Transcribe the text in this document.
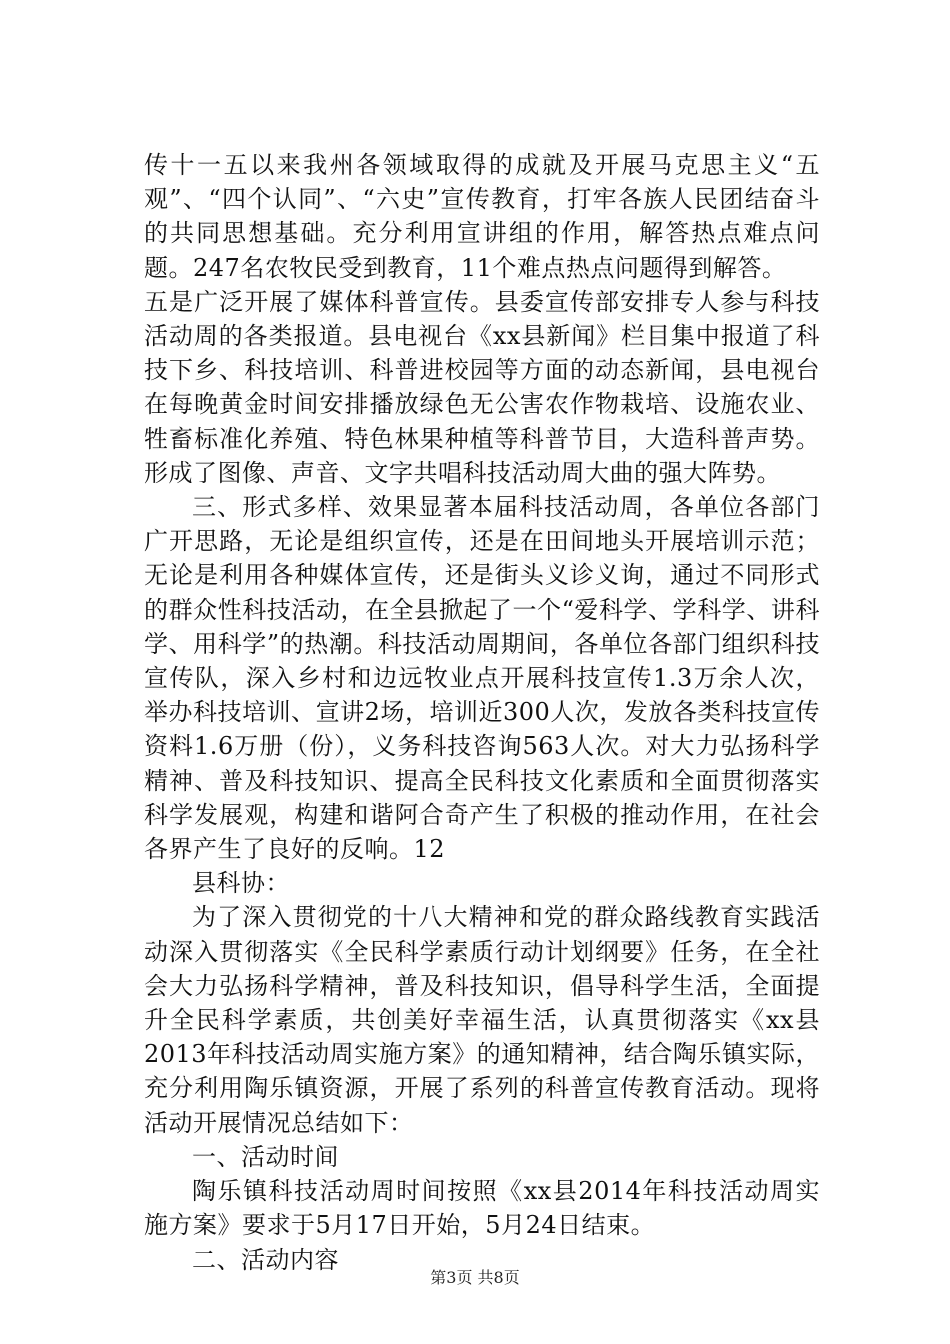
传十一五以来我州各领域取得的成就及开展马克思主义“五观”、“四个认同”、“六史”宣传教育，打牢各族人民团结奋斗的共同思想基础。充分利用宣讲组的作用，解答热点难点问题。247名农牧民受到教育，11个难点热点问题得到解答。

五是广泛开展了媒体科普宣传。县委宣传部安排专人参与科技活动周的各类报道。县电视台《xx县新闻》栏目集中报道了科技下乡、科技培训、科普进校园等方面的动态新闻，县电视台在每晚黄金时间安排播放绿色无公害农作物栽培、设施农业、牲畜标准化养殖、特色林果种植等科普节目，大造科普声势。形成了图像、声音、文字共唱科技活动周大曲的强大阵势。

三、形式多样、效果显著本届科技活动周，各单位各部门广开思路，无论是组织宣传，还是在田间地头开展培训示范；无论是利用各种媒体宣传，还是街头义诊义询，通过不同形式的群众性科技活动，在全县掀起了一个“爱科学、学科学、讲科学、用科学”的热潮。科技活动周期间，各单位各部门组织科技宣传队，深入乡村和边远牧业点开展科技宣传1.3万余人次，举办科技培训、宣讲2场，培训近300人次，发放各类科技宣传资料1.6万册（份），义务科技咨询563人次。对大力弘扬科学精神、普及科技知识、提高全民科技文化素质和全面贯彻落实科学发展观，构建和谐阿合奇产生了积极的推动作用，在社会各界产生了良好的反响。12

县科协：

为了深入贯彻党的十八大精神和党的群众路线教育实践活动深入贯彻落实《全民科学素质行动计划纲要》任务，在全社会大力弘扬科学精神，普及科技知识，倡导科学生活，全面提升全民科学素质，共创美好幸福生活，认真贯彻落实《xx县2013年科技活动周实施方案》的通知精神，结合陶乐镇实际，充分利用陶乐镇资源，开展了系列的科普宣传教育活动。现将活动开展情况总结如下：

一、活动时间

陶乐镇科技活动周时间按照《xx县2014年科技活动周实施方案》要求于5月17日开始，5月24日结束。

二、活动内容

第3页 共8页
